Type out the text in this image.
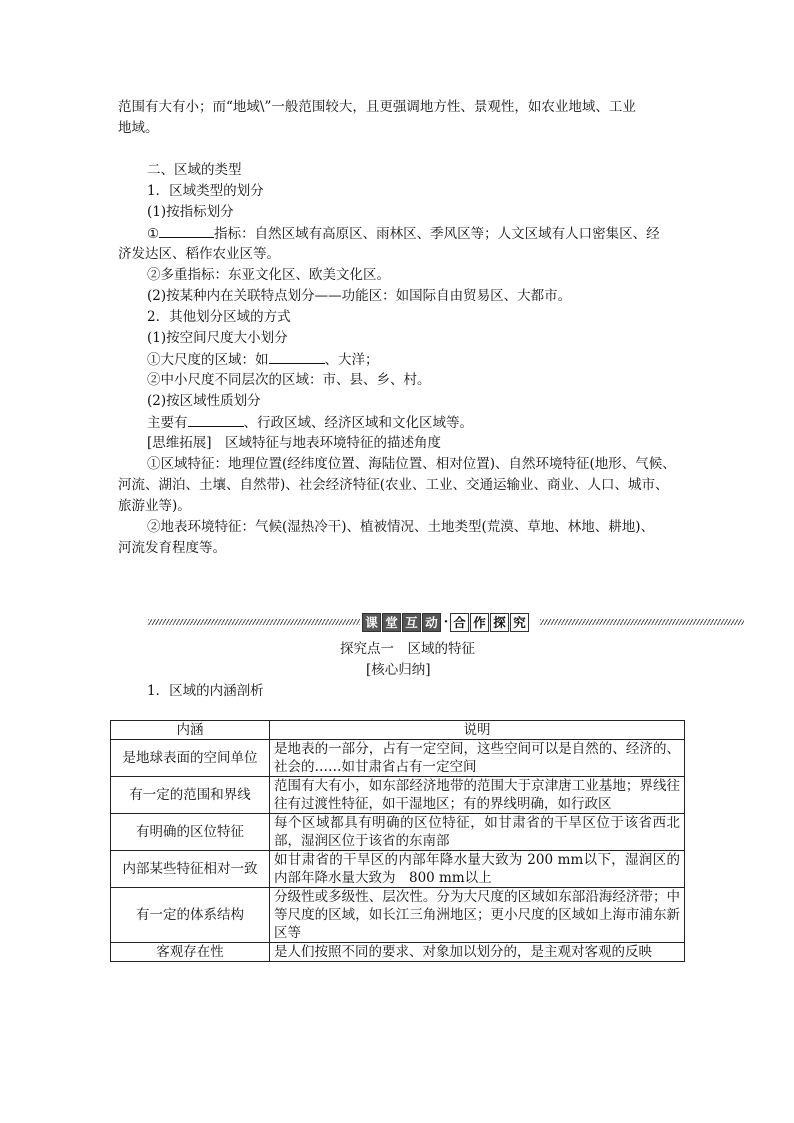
范围有大有小；而“地域\”一般范围较大，且更强调地方性、景观性，如农业地域、工业
地域。
二、区域的类型
1．区域类型的划分
(1)按指标划分
①	指标：自然区域有高原区、雨林区、季风区等；人文区域有人口密集区、经
济发达区、稻作农业区等。
②多重指标：东亚文化区、欧美文化区。
(2)按某种内在关联特点划分——功能区：如国际自由贸易区、大都市。
2．其他划分区域的方式
(1)按空间尺度大小划分
①大尺度的区域：如	、大洋；
②中小尺度不同层次的区域：市、县、乡、村。
(2)按区域性质划分
主要有	、行政区域、经济区域和文化区域等。
[思维拓展]　区域特征与地表环境特征的描述角度
①区域特征：地理位置(经纬度位置、海陆位置、相对位置)、自然环境特征(地形、气候、
河流、湖泊、土壤、自然带)、社会经济特征(农业、工业、交通运输业、商业、人口、城市、
旅游业等)。
②地表环境特征：气候(湿热冷干)、植被情况、土地类型(荒漠、草地、林地、耕地)、
河流发育程度等。
课 堂 互 动 · 合 作 探 究
探究点一　区域的特征
[核心归纳]
1．区域的内涵剖析
内涵	说明
是地球表面的空间单位	是地表的一部分，占有一定空间，这些空间可以是自然的、经济的、社会的……如甘肃省占有一定空间
有一定的范围和界线	范围有大有小，如东部经济地带的范围大于京津唐工业基地；界线往往有过渡性特征，如干湿地区；有的界线明确，如行政区
有明确的区位特征	每个区域都具有明确的区位特征，如甘肃省的干旱区位于该省西北部，湿润区位于该省的东南部
内部某些特征相对一致	如甘肃省的干旱区的内部年降水量大致为 200 mm以下，湿润区的内部年降水量大致为　800 mm以上
有一定的体系结构	分级性或多级性、层次性。分为大尺度的区域如东部沿海经济带；中等尺度的区域，如长江三角洲地区；更小尺度的区域如上海市浦东新区等
客观存在性	是人们按照不同的要求、对象加以划分的，是主观对客观的反映
